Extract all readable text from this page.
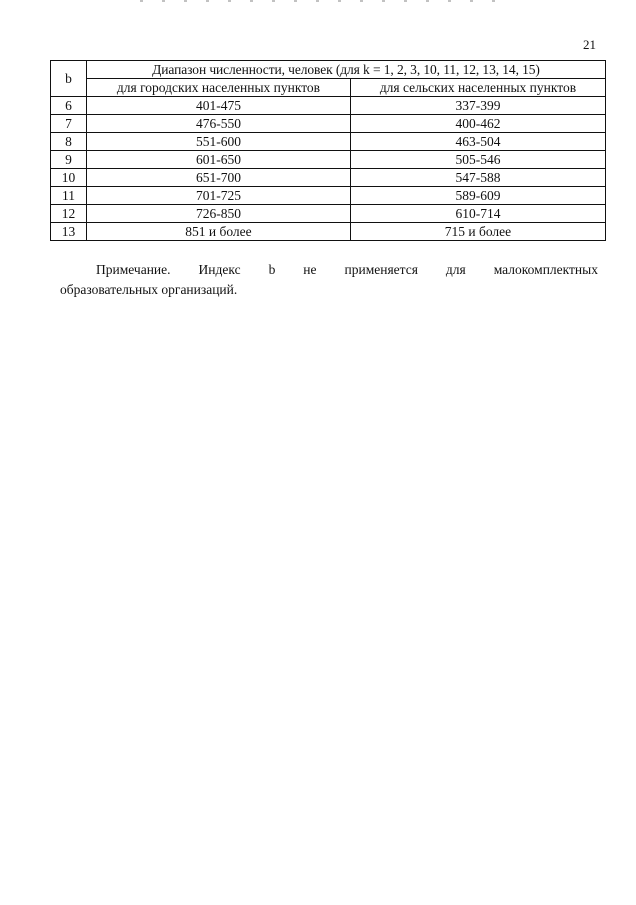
21
b	Диапазон численности, человек (для k = 1, 2, 3, 10, 11, 12, 13, 14, 15)	
	для городских населенных пунктов	для сельских населенных пунктов
6	401-475	337-399
7	476-550	400-462
8	551-600	463-504
9	601-650	505-546
10	651-700	547-588
11	701-725	589-609
12	726-850	610-714
13	851 и более	715 и более
Примечание. Индекс b не применяется для малокомплектных
образовательных организаций.
